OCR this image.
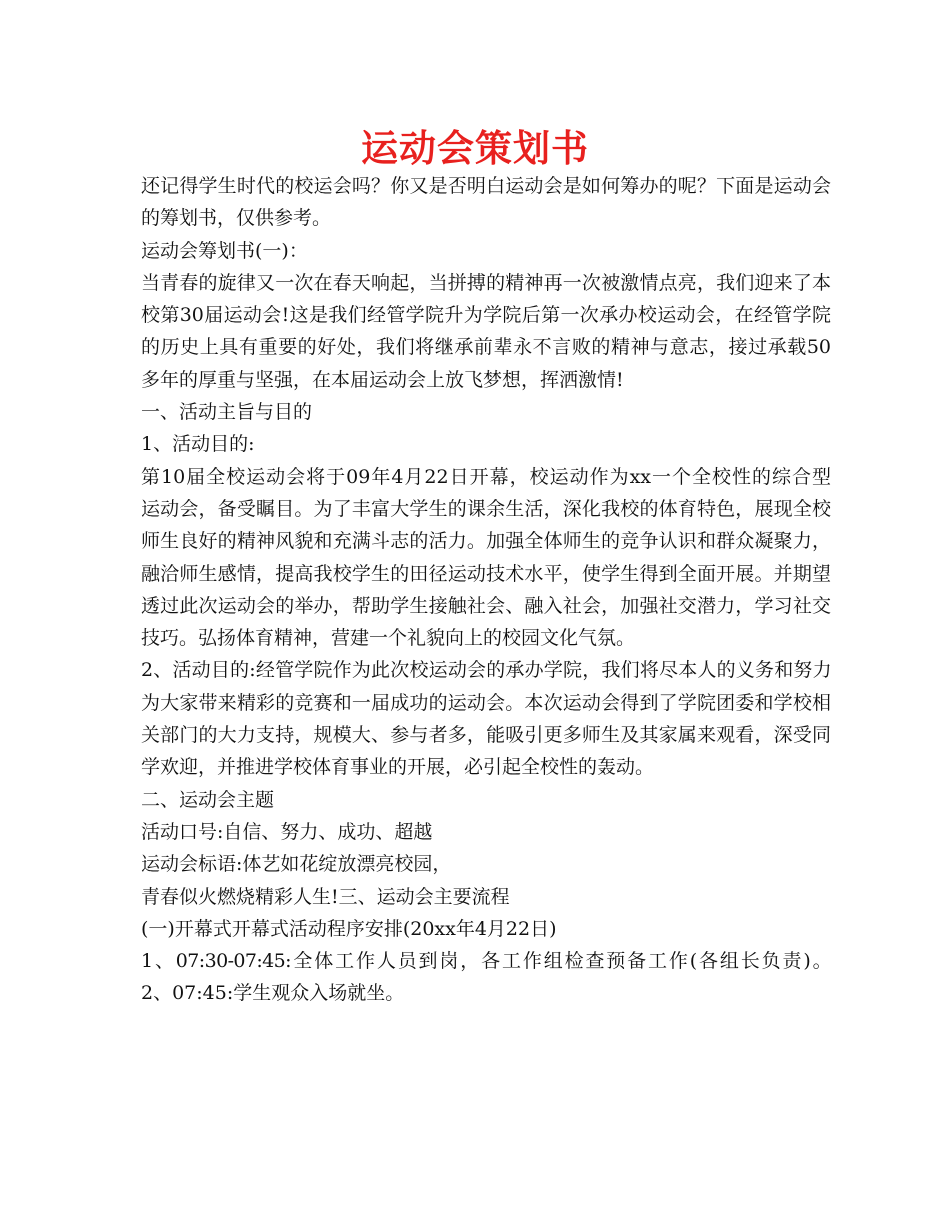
运动会策划书
还记得学生时代的校运会吗？你又是否明白运动会是如何筹办的呢？下面是运动会
的筹划书，仅供参考。
运动会筹划书(一)：
当青春的旋律又一次在春天响起，当拼搏的精神再一次被激情点亮，我们迎来了本
校第30届运动会!这是我们经管学院升为学院后第一次承办校运动会，在经管学院
的历史上具有重要的好处，我们将继承前辈永不言败的精神与意志，接过承载50
多年的厚重与坚强，在本届运动会上放飞梦想，挥洒激情!
一、活动主旨与目的
1、活动目的:
第10届全校运动会将于09年4月22日开幕，校运动作为xx一个全校性的综合型
运动会，备受瞩目。为了丰富大学生的课余生活，深化我校的体育特色，展现全校
师生良好的精神风貌和充满斗志的活力。加强全体师生的竞争认识和群众凝聚力，
融洽师生感情，提高我校学生的田径运动技术水平，使学生得到全面开展。并期望
透过此次运动会的举办，帮助学生接触社会、融入社会，加强社交潜力，学习社交
技巧。弘扬体育精神，营建一个礼貌向上的校园文化气氛。
2、活动目的:经管学院作为此次校运动会的承办学院，我们将尽本人的义务和努力
为大家带来精彩的竞赛和一届成功的运动会。本次运动会得到了学院团委和学校相
关部门的大力支持，规模大、参与者多，能吸引更多师生及其家属来观看，深受同
学欢迎，并推进学校体育事业的开展，必引起全校性的轰动。
二、运动会主题
活动口号:自信、努力、成功、超越
运动会标语:体艺如花绽放漂亮校园，
青春似火燃烧精彩人生!三、运动会主要流程
(一)开幕式开幕式活动程序安排(20xx年4月22日)
1、07:30-07:45:全体工作人员到岗，各工作组检查预备工作(各组长负责)。
2、07:45:学生观众入场就坐。
